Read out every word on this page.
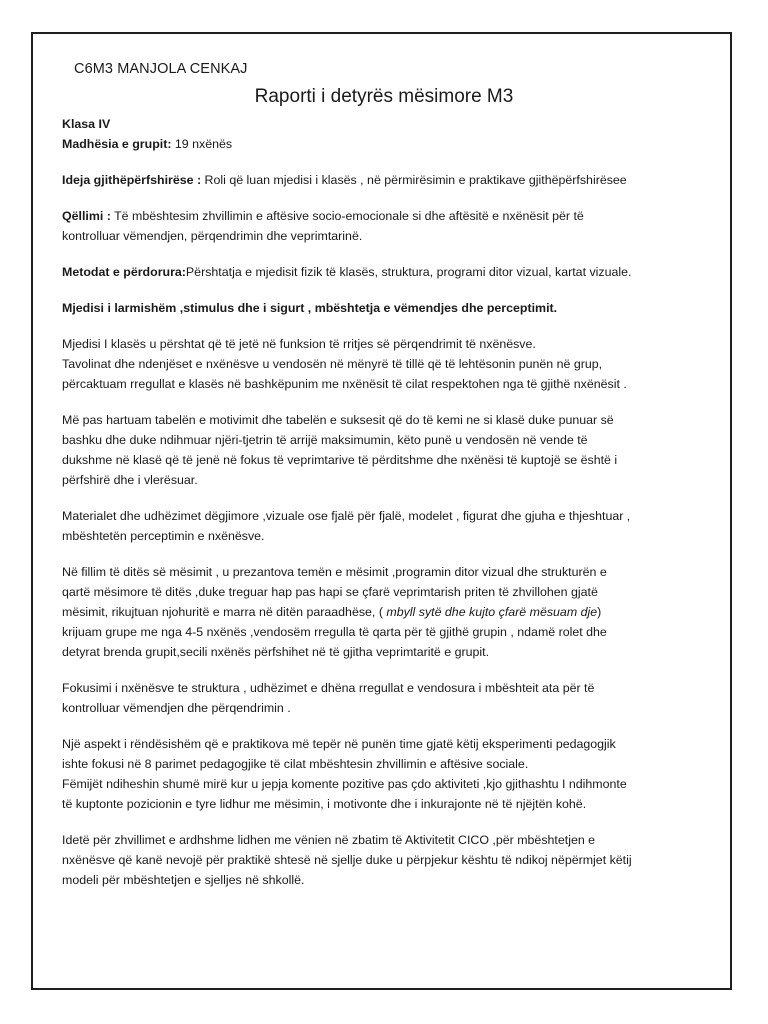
C6M3 MANJOLA CENKAJ
Raporti i detyrës mësimore M3

Klasa IV

Madhësia e grupit: 19 nxënës

Ideja gjithëpërfshirëse : Roli që luan mjedisi i klasës , në përmirësimin e praktikave gjithëpërfshirësee

Qëllimi : Të mbështesim zhvillimin e aftësive socio-emocionale si dhe aftësitë e nxënësit për të

kontrolluar vëmendjen, përqendrimin dhe veprimtarinë.

Metodat e përdorura:Përshtatja e mjedisit fizik të klasës, struktura, programi ditor vizual, kartat vizuale.

Mjedisi i larmishëm ,stimulus dhe i sigurt , mbështetja e vëmendjes dhe perceptimit.

Mjedisi I klasës u përshtat që të jetë në funksion të rritjes së përqendrimit të nxënësve.

Tavolinat dhe ndenjëset e nxënësve u vendosën në mënyrë të tillë që të lehtësonin punën në grup,

përcaktuam rregullat e klasës në bashkëpunim me nxënësit të cilat respektohen nga të gjithë nxënësit .

Më pas hartuam tabelën e motivimit dhe tabelën e suksesit që do të kemi ne si klasë duke punuar së

bashku dhe duke ndihmuar njëri-tjetrin të arrijë maksimumin, këto punë u vendosën në vende të

dukshme në klasë që të jenë në fokus të veprimtarive të përditshme dhe nxënësi të kuptojë se është i

përfshirë dhe i vlerësuar.

Materialet dhe udhëzimet dëgjimore ,vizuale ose fjalë për fjalë, modelet , figurat dhe gjuha e thjeshtuar ,

mbështetën perceptimin e nxënësve.

Në fillim të ditës së mësimit , u prezantova temën e mësimit ,programin ditor vizual dhe strukturën e

qartë mësimore të ditës ,duke treguar hap pas hapi se çfarë veprimtarish priten të zhvillohen gjatë

mësimit, rikujtuan njohuritë e marra në ditën paraadhëse, ( mbyll sytë dhe kujto çfarë mësuam dje)

krijuam grupe me nga 4-5 nxënës ,vendosëm rregulla të qarta për të gjithë grupin , ndamë rolet dhe

detyrat brenda grupit,secili nxënës përfshihet në të gjitha veprimtaritë e grupit.

Fokusimi i nxënësve te struktura , udhëzimet e dhëna rregullat e vendosura i mbështeit ata për të

kontrolluar vëmendjen dhe përqendrimin .

Një aspekt i rëndësishëm që e praktikova më tepër në punën time gjatë këtij eksperimenti pedagogjik

ishte fokusi në 8 parimet pedagogjike të cilat mbështesin zhvillimin e aftësive sociale.

Fëmijët ndiheshin shumë mirë kur u jepja komente pozitive pas çdo aktiviteti ,kjo gjithashtu I ndihmonte

të kuptonte pozicionin e tyre lidhur me mësimin, i motivonte dhe i inkurajonte në të njëjtën kohë.

Idetë për zhvillimet e ardhshme lidhen me vënien në zbatim të Aktivitetit CICO ,për mbështetjen e

nxënësve që kanë nevojë për praktikë shtesë në sjellje duke u përpjekur kështu të ndikoj nëpërmjet këtij

modeli për mbështetjen e sjelljes në shkollë.
